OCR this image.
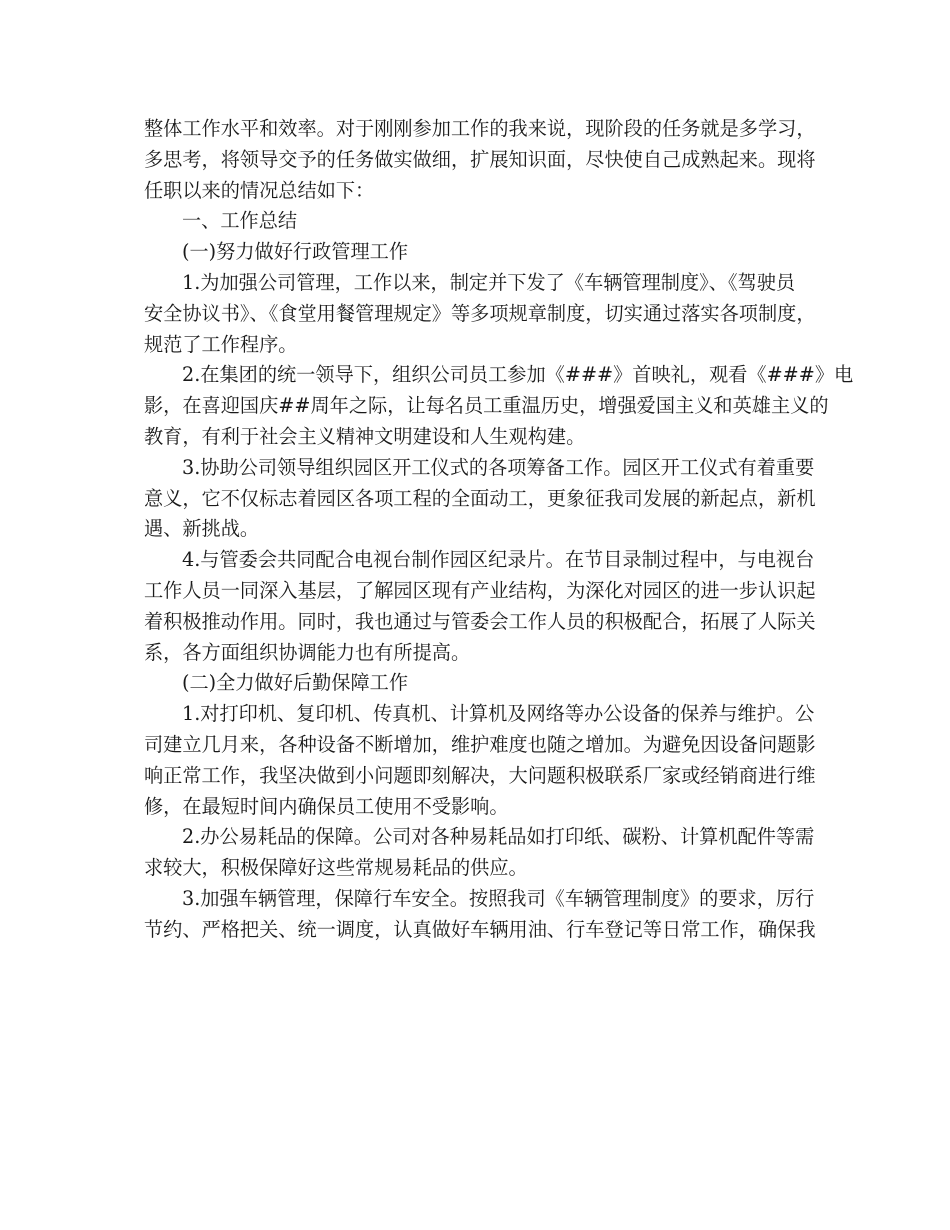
整体工作水平和效率。对于刚刚参加工作的我来说，现阶段的任务就是多学习，
多思考，将领导交予的任务做实做细，扩展知识面，尽快使自己成熟起来。现将
任职以来的情况总结如下：
一、工作总结
(一)努力做好行政管理工作
1.为加强公司管理，工作以来，制定并下发了《车辆管理制度》、《驾驶员
安全协议书》、《食堂用餐管理规定》等多项规章制度，切实通过落实各项制度，
规范了工作程序。
2.在集团的统一领导下，组织公司员工参加《###》首映礼，观看《###》电
影，在喜迎国庆##周年之际，让每名员工重温历史，增强爱国主义和英雄主义的
教育，有利于社会主义精神文明建设和人生观构建。
3.协助公司领导组织园区开工仪式的各项筹备工作。园区开工仪式有着重要
意义，它不仅标志着园区各项工程的全面动工，更象征我司发展的新起点，新机
遇、新挑战。
4.与管委会共同配合电视台制作园区纪录片。在节目录制过程中，与电视台
工作人员一同深入基层，了解园区现有产业结构，为深化对园区的进一步认识起
着积极推动作用。同时，我也通过与管委会工作人员的积极配合，拓展了人际关
系，各方面组织协调能力也有所提高。
(二)全力做好后勤保障工作
1.对打印机、复印机、传真机、计算机及网络等办公设备的保养与维护。公
司建立几月来，各种设备不断增加，维护难度也随之增加。为避免因设备问题影
响正常工作，我坚决做到小问题即刻解决，大问题积极联系厂家或经销商进行维
修，在最短时间内确保员工使用不受影响。
2.办公易耗品的保障。公司对各种易耗品如打印纸、碳粉、计算机配件等需
求较大，积极保障好这些常规易耗品的供应。
3.加强车辆管理，保障行车安全。按照我司《车辆管理制度》的要求，厉行
节约、严格把关、统一调度，认真做好车辆用油、行车登记等日常工作，确保我
